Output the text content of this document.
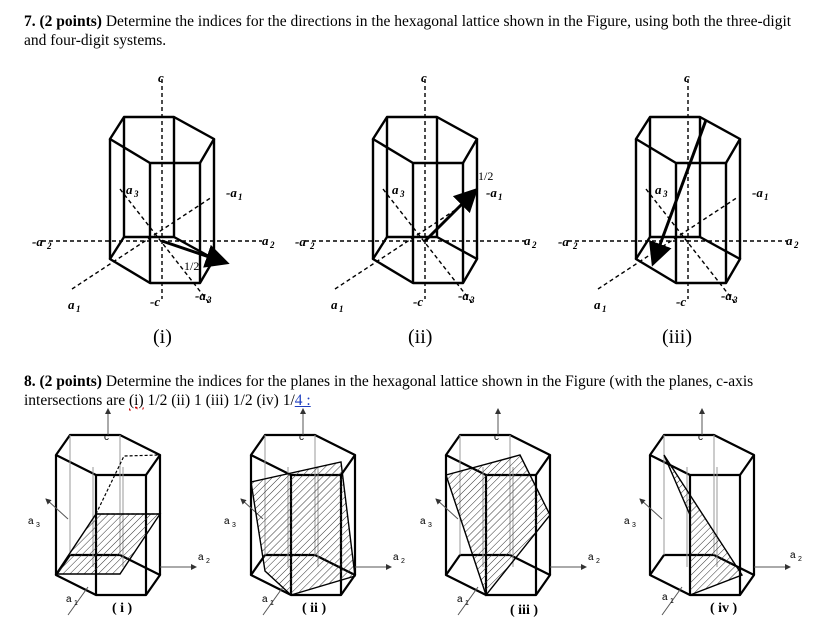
7. (2 points) Determine the indices for the directions in the hexagonal lattice shown in the Figure, using both the three-digit and four-digit systems.
8. (2 points) Determine the indices for the planes in the hexagonal lattice shown in the Figure (with the planes, c-axis intersections are (i) 1/2 (ii) 1 (iii) 1/2 (iv) 1/4 :
c
-c
-a 2	a 2
-a 1
a 1
a 3
-a 3
1/2
(i)
c
-c
-a 2	a 2
-a 1
a 1
a 3
-a 3
1/2
(ii)
c
-c
-a 2	a 2
-a 1
a 1
a 3
-a 3
(iii)
c
a 3
a 2
a 1 ( i )
c
a 3
a 2
a 1 ( ii )
c
a 3
a 2
a 1	( iii )
c
a 3
a 2
a 1	( iv )
